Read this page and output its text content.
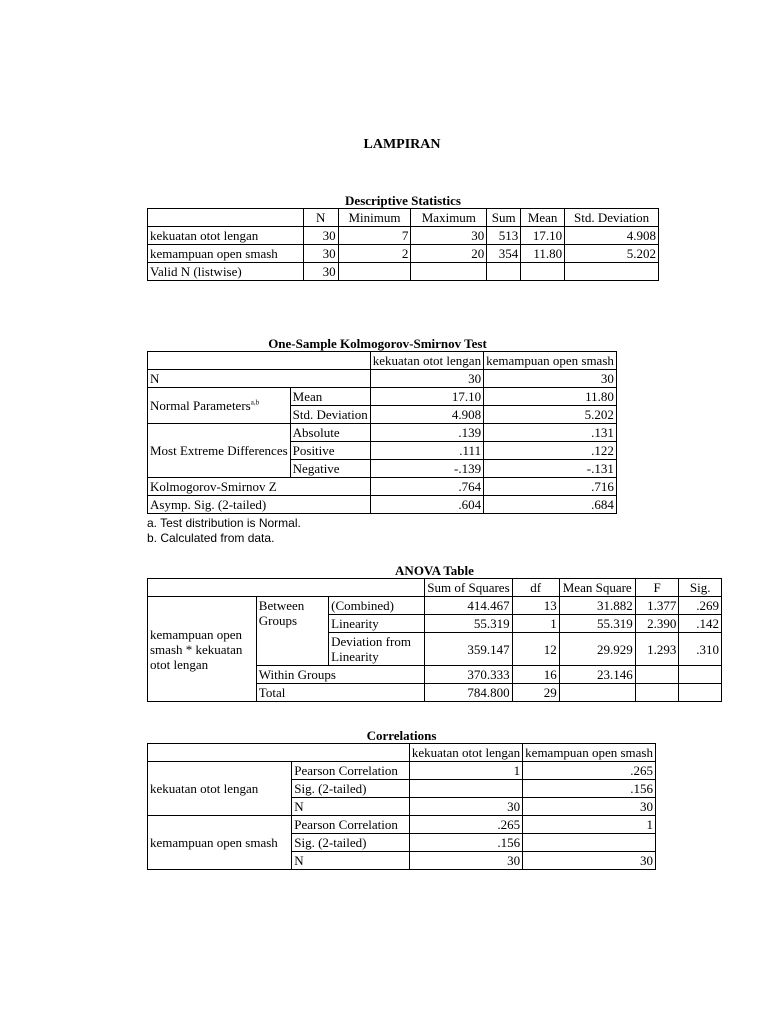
LAMPIRAN
Descriptive Statistics
	N	Minimum	Maximum	Sum	Mean	Std. Deviation
kekuatan otot lengan	30	7	30	513	17.10	4.908
kemampuan open smash	30	2	20	354	11.80	5.202
Valid N (listwise)	30					
One-Sample Kolmogorov-Smirnov Test
		kekuatan otot lengan	kemampuan open smash
N		30	30
Normal Parameters$^{a,b}$	Mean	17.10	11.80
	Std. Deviation	4.908	5.202
Most Extreme Differences	Absolute	.139	.131
	Positive	.111	.122
	Negative	-.139	-.131
Kolmogorov-Smirnov Z		.764	.716
Asymp. Sig. (2-tailed)		.604	.684
a. Test distribution is Normal.
b. Calculated from data.
ANOVA Table
			Sum of Squares	df	Mean Square	F	Sig.
kemampuan open smash * kekuatan otot lengan	Between Groups	(Combined)	414.467	13	31.882	1.377	.269
		Linearity	55.319	1	55.319	2.390	.142
		Deviation from Linearity	359.147	12	29.929	1.293	.310
	Within Groups		370.333	16	23.146		
	Total		784.800	29			
Correlations
		kekuatan otot lengan	kemampuan open smash
kekuatan otot lengan	Pearson Correlation	1	.265
	Sig. (2-tailed)		.156
	N	30	30
kemampuan open smash	Pearson Correlation	.265	1
	Sig. (2-tailed)	.156	
	N	30	30
